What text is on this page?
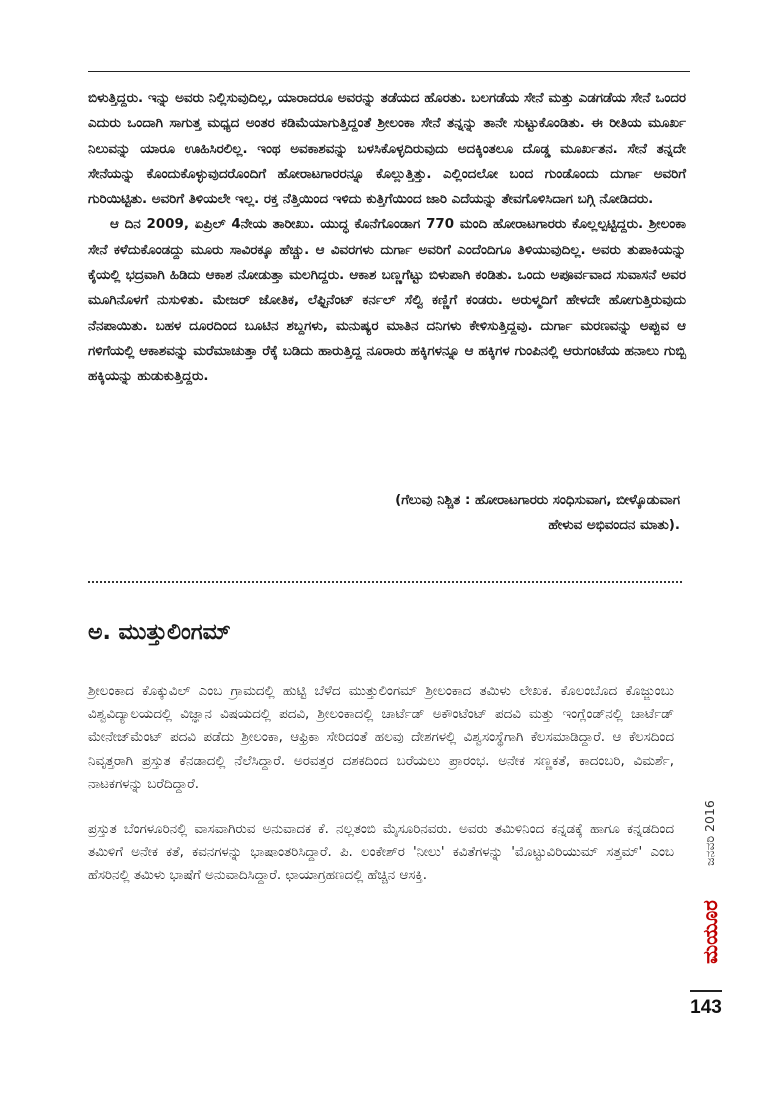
ಬಿಳುತ್ತಿದ್ದರು. ಇನ್ನು ಅವರು ನಿಲ್ಲಿಸುವುದಿಲ್ಲ, ಯಾರಾದರೂ ಅವರನ್ನು ತಡೆಯದ ಹೊರತು. ಬಲಗಡೆಯ ಸೇನೆ ಮತ್ತು ಎಡಗಡೆಯ ಸೇನೆ ಒಂದರ ಎದುರು ಒಂದಾಗಿ ಸಾಗುತ್ತ ಮಧ್ಯದ ಅಂತರ ಕಡಿಮೆಯಾಗುತ್ತಿದ್ದಂತೆ ಶ್ರೀಲಂಕಾ ಸೇನೆ ತನ್ನನ್ನು ತಾನೇ ಸುಟ್ಟುಕೊಂಡಿತು. ಈ ರೀತಿಯ ಮೂರ್ಖ ನಿಲುವನ್ನು ಯಾರೂ ಊಹಿಸಿರಲಿಲ್ಲ. ಇಂಥ ಅವಕಾಶವನ್ನು ಬಳಸಿಕೊಳ್ಳದಿರುವುದು ಅದಕ್ಕಿಂತಲೂ ದೊಡ್ಡ ಮೂರ್ಖತನ. ಸೇನೆ ತನ್ನದೇ ಸೇನೆಯನ್ನು ಕೊಂದುಕೊಳ್ಳುವುದರೊಂದಿಗೆ ಹೋರಾಟಗಾರರನ್ನೂ ಕೊಲ್ಲುತ್ತಿತ್ತು. ಎಲ್ಲಿಂದಲೋ ಬಂದ ಗುಂಡೊಂದು ದುರ್ಗಾ ಅವರಿಗೆ ಗುರಿಯಿಟ್ಟಿತು. ಅವರಿಗೆ ತಿಳಿಯಲೇ ಇಲ್ಲ. ರಕ್ತ ನೆತ್ತಿಯಿಂದ ಇಳಿದು ಕುತ್ತಿಗೆಯಿಂದ ಜಾರಿ ಎದೆಯನ್ನು ತೇವಗೊಳಿಸಿದಾಗ ಬಗ್ಗಿ ನೋಡಿದರು.

ಆ ದಿನ 2009, ಏಪ್ರಿಲ್ 4ನೇಯ ತಾರೀಖು. ಯುದ್ಧ ಕೊನೆಗೊಂಡಾಗ 770 ಮಂದಿ ಹೋರಾಟಗಾರರು ಕೊಲ್ಲಲ್ಪಟ್ಟಿದ್ದರು. ಶ್ರೀಲಂಕಾ ಸೇನೆ ಕಳೆದುಕೊಂಡದ್ದು ಮೂರು ಸಾವಿರಕ್ಕೂ ಹೆಚ್ಚು. ಆ ವಿವರಗಳು ದುರ್ಗಾ ಅವರಿಗೆ ಎಂದೆಂದಿಗೂ ತಿಳಿಯುವುದಿಲ್ಲ. ಅವರು ತುಪಾಕಿಯನ್ನು ಕೈಯಲ್ಲಿ ಭದ್ರವಾಗಿ ಹಿಡಿದು ಆಕಾಶ ನೋಡುತ್ತಾ ಮಲಗಿದ್ದರು. ಆಕಾಶ ಬಣ್ಣಗೆಟ್ಟು ಬಿಳುಪಾಗಿ ಕಂಡಿತು. ಒಂದು ಅಪೂರ್ವವಾದ ಸುವಾಸನೆ ಅವರ ಮೂಗಿನೊಳಗೆ ನುಸುಳಿತು. ಮೇಜರ್ ಜೋತಿಕ, ಲೆಫ್ಟಿನೆಂಟ್ ಕರ್ನಲ್ ಸೆಲ್ವಿ ಕಣ್ಣಿಗೆ ಕಂಡರು. ಅರುಳ್ಮದಿಗೆ ಹೇಳದೇ ಹೋಗುತ್ತಿರುವುದು ನೆನಪಾಯಿತು. ಬಹಳ ದೂರದಿಂದ ಬೂಟಿನ ಶಬ್ದಗಳು, ಮನುಷ್ಯರ ಮಾತಿನ ದನಿಗಳು ಕೇಳಿಸುತ್ತಿದ್ದವು. ದುರ್ಗಾ ಮರಣವನ್ನು ಅಪ್ಪುವ ಆ ಗಳಿಗೆಯಲ್ಲಿ ಆಕಾಶವನ್ನು ಮರೆಮಾಚುತ್ತಾ ರೆಕ್ಕೆ ಬಡಿದು ಹಾರುತ್ತಿದ್ದ ನೂರಾರು ಹಕ್ಕಿಗಳನ್ನೂ ಆ ಹಕ್ಕಿಗಳ ಗುಂಪಿನಲ್ಲಿ ಆರುಗಂಟೆಯ ಹನಾಲು ಗುಬ್ಬಿ ಹಕ್ಕಿಯನ್ನು ಹುಡುಕುತ್ತಿದ್ದರು.

(ಗೆಲುವು ನಿಶ್ಚಿತ : ಹೋರಾಟಗಾರರು ಸಂಧಿಸುವಾಗ, ಬೀಳ್ಕೊಡುವಾಗ
ಹೇಳುವ ಅಭಿವಂದನ ಮಾತು).
ಅ. ಮುತ್ತುಲಿಂಗಮ್

ಶ್ರೀಲಂಕಾದ ಕೊಕ್ಕುವಿಲ್ ಎಂಬ ಗ್ರಾಮದಲ್ಲಿ ಹುಟ್ಟಿ ಬೆಳೆದ ಮುತ್ತುಲಿಂಗಮ್ ಶ್ರೀಲಂಕಾದ ತಮಿಳು ಲೇಖಕ. ಕೊಲಂಬೊದ ಕೊಜ್ಜುಂಬು ವಿಶ್ವವಿದ್ಯಾಲಯದಲ್ಲಿ ವಿಜ್ಞಾನ ವಿಷಯದಲ್ಲಿ ಪದವಿ, ಶ್ರೀಲಂಕಾದಲ್ಲಿ ಚಾರ್ಟೆಡ್ ಅಕೌಂಟೆಂಟ್ ಪದವಿ ಮತ್ತು ಇಂಗ್ಲೆಂಡ್‌ನಲ್ಲಿ ಚಾರ್ಟೆಡ್ ಮೇನೇಜ್‌ಮೆಂಟ್ ಪದವಿ ಪಡೆದು ಶ್ರೀಲಂಕಾ, ಆಫ್ರಿಕಾ ಸೇರಿದಂತೆ ಹಲವು ದೇಶಗಳಲ್ಲಿ ವಿಶ್ವಸಂಸ್ಥೆಗಾಗಿ ಕೆಲಸಮಾಡಿದ್ದಾರೆ. ಆ ಕೆಲಸದಿಂದ ನಿವೃತ್ತರಾಗಿ ಪ್ರಸ್ತುತ ಕೆನಡಾದಲ್ಲಿ ನೆಲೆಸಿದ್ದಾರೆ. ಅರವತ್ತರ ದಶಕದಿಂದ ಬರೆಯಲು ಪ್ರಾರಂಭ. ಅನೇಕ ಸಣ್ಣಕತೆ, ಕಾದಂಬರಿ, ವಿಮರ್ಶೆ, ನಾಟಕಗಳನ್ನು ಬರೆದಿದ್ದಾರೆ.

ಪ್ರಸ್ತುತ ಬೆಂಗಳೂರಿನಲ್ಲಿ ವಾಸವಾಗಿರುವ ಅನುವಾದಕ ಕೆ. ನಲ್ಲತಂಬಿ ಮೈಸೂರಿನವರು. ಅವರು ತಮಿಳಿನಿಂದ ಕನ್ನಡಕ್ಕೆ ಹಾಗೂ ಕನ್ನಡದಿಂದ ತಮಿಳಿಗೆ ಅನೇಕ ಕತೆ, ಕವನಗಳನ್ನು ಭಾಷಾಂತರಿಸಿದ್ದಾರೆ. ಪಿ. ಲಂಕೇಶ್‌ರ 'ನೀಲು' ಕವಿತೆಗಳನ್ನು 'ಮೊಟ್ಟುವಿರಿಯುಮ್ ಸತ್ತಮ್' ಎಂಬ ಹೆಸರಿನಲ್ಲಿ ತಮಿಳು ಭಾಷೆಗೆ ಅನುವಾದಿಸಿದ್ದಾರೆ. ಛಾಯಾಗ್ರಹಣದಲ್ಲಿ ಹೆಚ್ಚಿನ ಆಸಕ್ತಿ.

ಜನವರಿ 2016
ಮಯೂರ
143
